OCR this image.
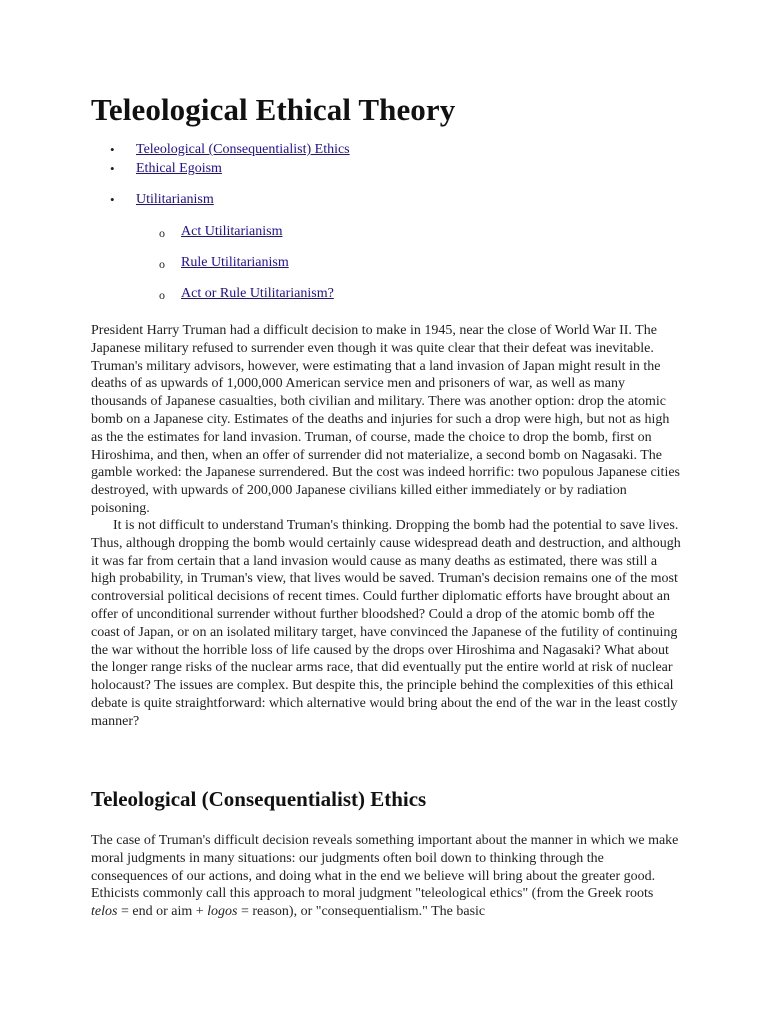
Teleological Ethical Theory
• Teleological (Consequentialist) Ethics
• Ethical Egoism
• Utilitarianism
o Act Utilitarianism
o Rule Utilitarianism
o Act or Rule Utilitarianism?

President Harry Truman had a difficult decision to make in 1945, near the close of World War II. The Japanese military refused to surrender even though it was quite clear that their defeat was inevitable. Truman's military advisors, however, were estimating that a land invasion of Japan might result in the deaths of as upwards of 1,000,000 American service men and prisoners of war, as well as many thousands of Japanese casualties, both civilian and military. There was another option: drop the atomic bomb on a Japanese city. Estimates of the deaths and injuries for such a drop were high, but not as high as the the estimates for land invasion. Truman, of course, made the choice to drop the bomb, first on Hiroshima, and then, when an offer of surrender did not materialize, a second bomb on Nagasaki. The gamble worked: the Japanese surrendered. But the cost was indeed horrific: two populous Japanese cities destroyed, with upwards of 200,000 Japanese civilians killed either immediately or by radiation poisoning.

It is not difficult to understand Truman's thinking. Dropping the bomb had the potential to save lives. Thus, although dropping the bomb would certainly cause widespread death and destruction, and although it was far from certain that a land invasion would cause as many deaths as estimated, there was still a high probability, in Truman's view, that lives would be saved. Truman's decision remains one of the most controversial political decisions of recent times. Could further diplomatic efforts have brought about an offer of unconditional surrender without further bloodshed? Could a drop of the atomic bomb off the coast of Japan, or on an isolated military target, have convinced the Japanese of the futility of continuing the war without the horrible loss of life caused by the drops over Hiroshima and Nagasaki? What about the longer range risks of the nuclear arms race, that did eventually put the entire world at risk of nuclear holocaust? The issues are complex. But despite this, the principle behind the complexities of this ethical debate is quite straightforward: which alternative would bring about the end of the war in the least costly manner?

Teleological (Consequentialist) Ethics

The case of Truman's difficult decision reveals something important about the manner in which we make moral judgments in many situations: our judgments often boil down to thinking through the consequences of our actions, and doing what in the end we believe will bring about the greater good. Ethicists commonly call this approach to moral judgment "teleological ethics" (from the Greek roots telos = end or aim + logos = reason), or "consequentialism." The basic
